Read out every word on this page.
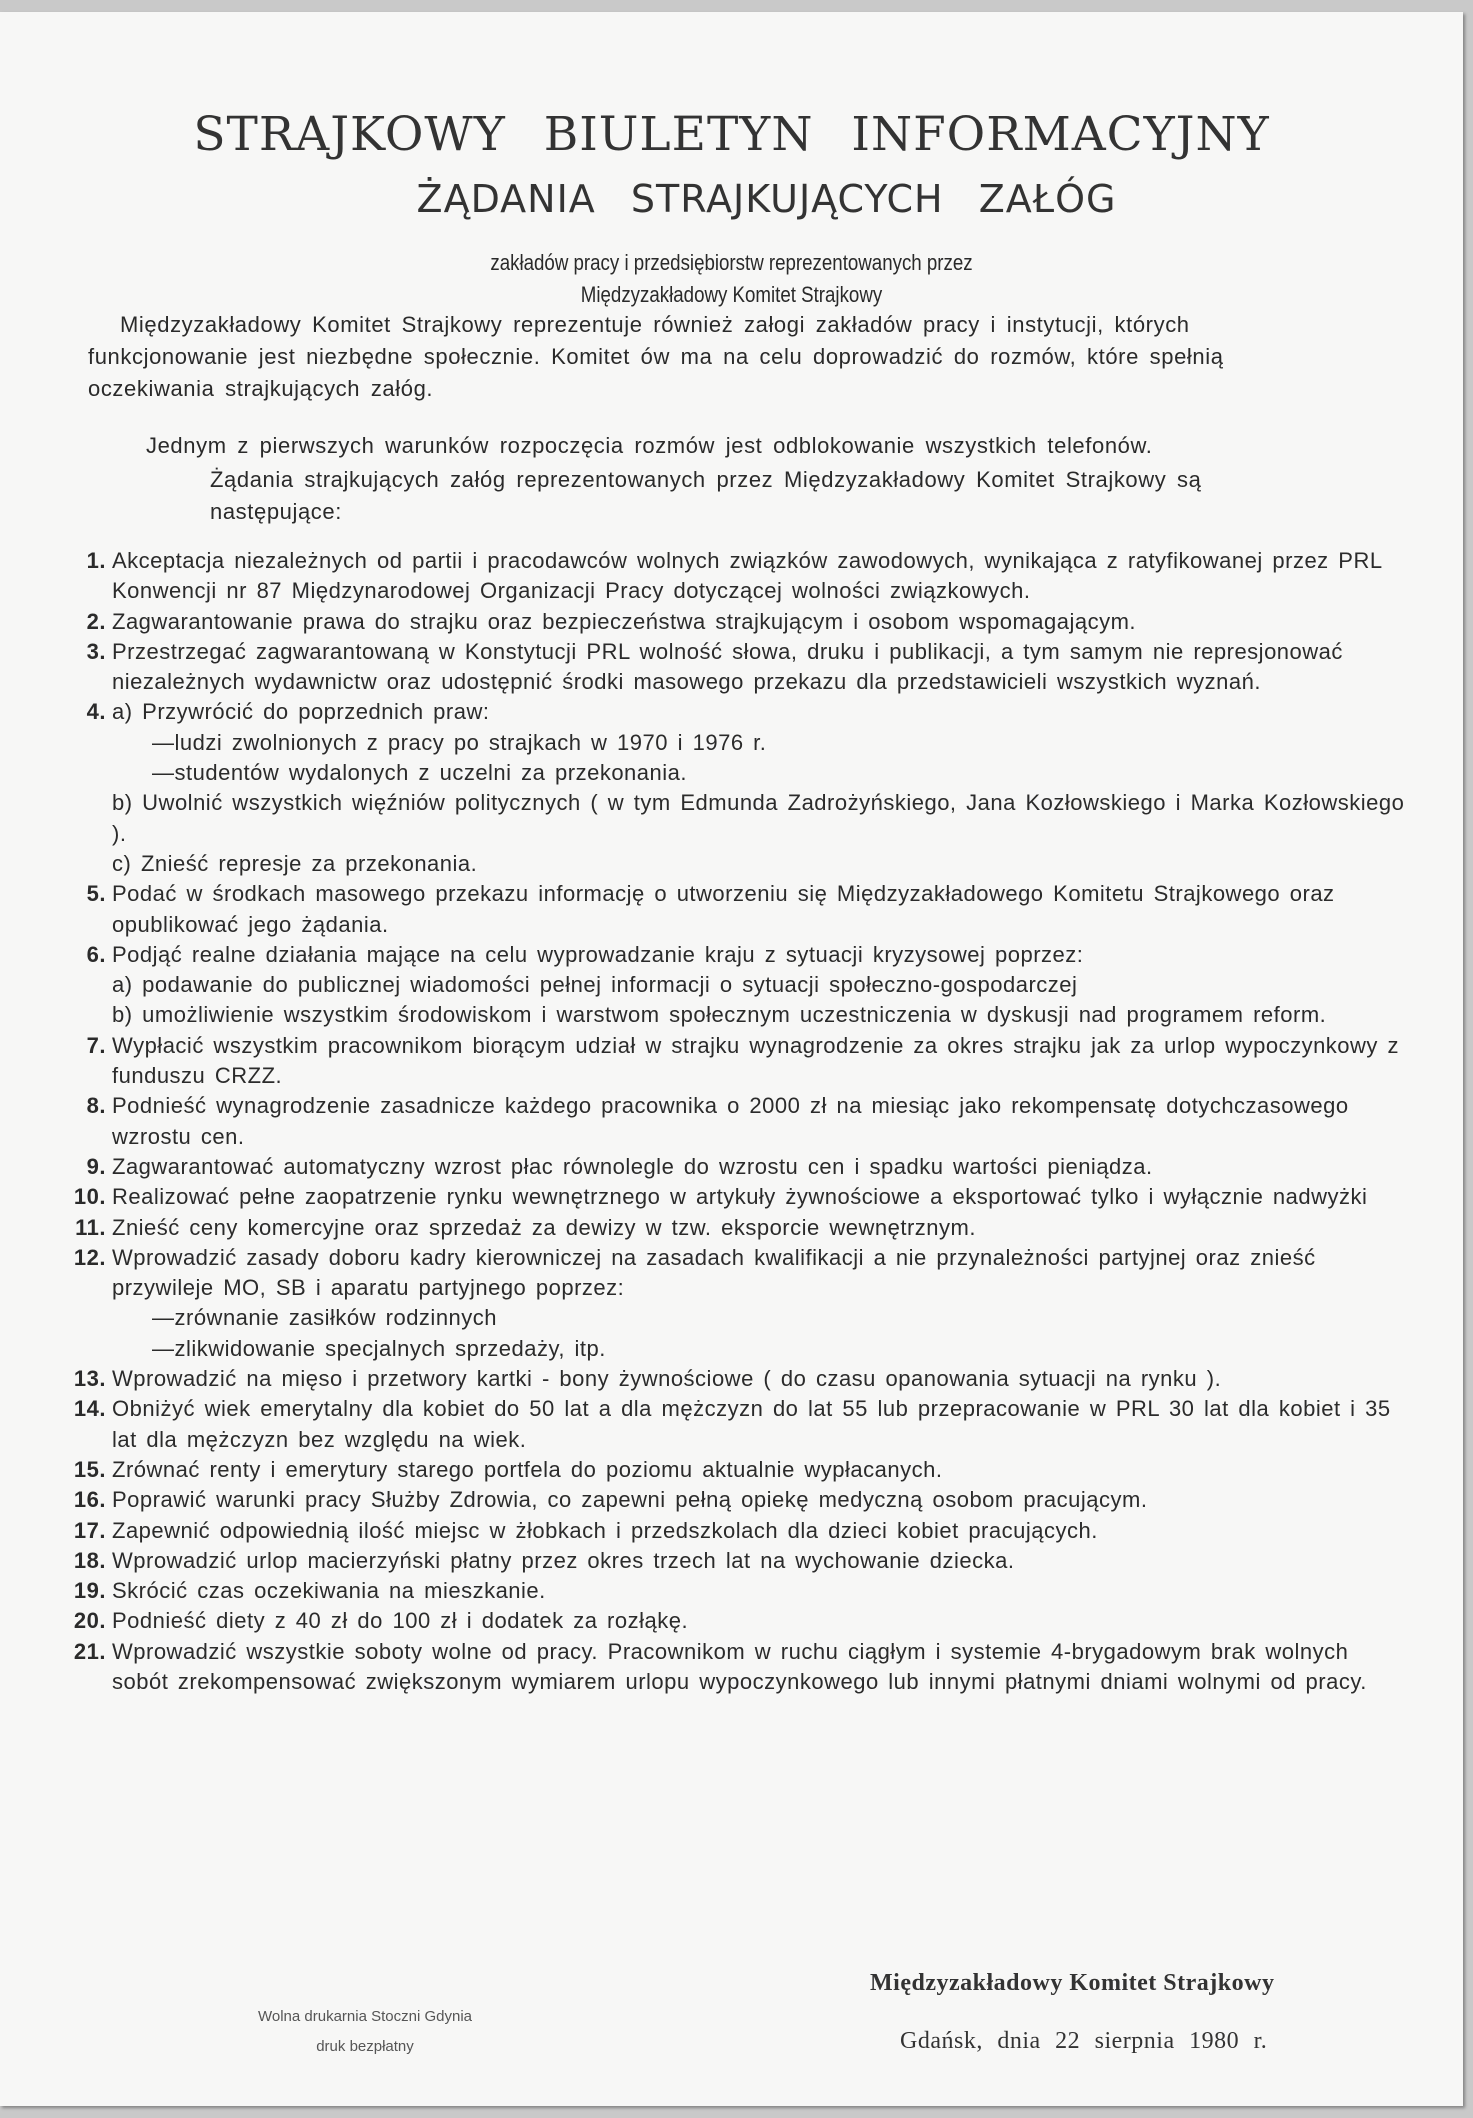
STRAJKOWY BIULETYN INFORMACYJNY
ŻĄDANIA STRAJKUJĄCYCH ZAŁÓG
zakładów pracy i przedsiębiorstw reprezentowanych przez
Międzyzakładowy Komitet Strajkowy
Międzyzakładowy Komitet Strajkowy reprezentuje również załogi zakładów pracy i instytucji, których funkcjonowanie jest niezbędne społecznie. Komitet ów ma na celu doprowadzić do rozmów, które spełnią oczekiwania strajkujących załóg.
Jednym z pierwszych warunków rozpoczęcia rozmów jest odblokowanie wszystkich telefonów.
Żądania strajkujących załóg reprezentowanych przez Międzyzakładowy Komitet Strajkowy są następujące:
1. Akceptacja niezależnych od partii i pracodawców wolnych związków zawodowych, wynikająca z ratyfikowanej przez PRL Konwencji nr 87 Międzynarodowej Organizacji Pracy dotyczącej wolności związkowych.
2. Zagwarantowanie prawa do strajku oraz bezpieczeństwa strajkującym i osobom wspomagającym.
3. Przestrzegać zagwarantowaną w Konstytucji PRL wolność słowa, druku i publikacji, a tym samym nie represjonować niezależnych wydawnictw oraz udostępnić środki masowego przekazu dla przedstawicieli wszystkich wyznań.
4. a) Przywrócić do poprzednich praw:
—ludzi zwolnionych z pracy po strajkach w 1970 i 1976 r.
—studentów wydalonych z uczelni za przekonania.
b) Uwolnić wszystkich więźniów politycznych ( w tym Edmunda Zadrożyńskiego, Jana Kozłowskiego i Marka Kozłowskiego ).
c) Znieść represje za przekonania.
5. Podać w środkach masowego przekazu informację o utworzeniu się Międzyzakładowego Komitetu Strajkowego oraz opublikować jego żądania.
6. Podjąć realne działania mające na celu wyprowadzanie kraju z sytuacji kryzysowej poprzez:
a) podawanie do publicznej wiadomości pełnej informacji o sytuacji społeczno-gospodarczej
b) umożliwienie wszystkim środowiskom i warstwom społecznym uczestniczenia w dyskusji nad programem reform.
7. Wypłacić wszystkim pracownikom biorącym udział w strajku wynagrodzenie za okres strajku jak za urlop wypoczynkowy z funduszu CRZZ.
8. Podnieść wynagrodzenie zasadnicze każdego pracownika o 2000 zł na miesiąc jako rekompensatę dotychczasowego wzrostu cen.
9. Zagwarantować automatyczny wzrost płac równolegle do wzrostu cen i spadku wartości pieniądza.
10. Realizować pełne zaopatrzenie rynku wewnętrznego w artykuły żywnościowe a eksportować tylko i wyłącznie nadwyżki
11. Znieść ceny komercyjne oraz sprzedaż za dewizy w tzw. eksporcie wewnętrznym.
12. Wprowadzić zasady doboru kadry kierowniczej na zasadach kwalifikacji a nie przynależności partyjnej oraz znieść przywileje MO, SB i aparatu partyjnego poprzez:
—zrównanie zasiłków rodzinnych
—zlikwidowanie specjalnych sprzedaży, itp.
13. Wprowadzić na mięso i przetwory kartki - bony żywnościowe ( do czasu opanowania sytuacji na rynku ).
14. Obniżyć wiek emerytalny dla kobiet do 50 lat a dla mężczyzn do lat 55 lub przepracowanie w PRL 30 lat dla kobiet i 35 lat dla mężczyzn bez względu na wiek.
15. Zrównać renty i emerytury starego portfela do poziomu aktualnie wypłacanych.
16. Poprawić warunki pracy Służby Zdrowia, co zapewni pełną opiekę medyczną osobom pracującym.
17. Zapewnić odpowiednią ilość miejsc w żłobkach i przedszkolach dla dzieci kobiet pracujących.
18. Wprowadzić urlop macierzyński płatny przez okres trzech lat na wychowanie dziecka.
19. Skrócić czas oczekiwania na mieszkanie.
20. Podnieść diety z 40 zł do 100 zł i dodatek za rozłąkę.
21. Wprowadzić wszystkie soboty wolne od pracy. Pracownikom w ruchu ciągłym i systemie 4-brygadowym brak wolnych sobót zrekompensować zwiększonym wymiarem urlopu wypoczynkowego lub innymi płatnymi dniami wolnymi od pracy.
Wolna drukarnia Stoczni Gdynia
druk bezpłatny
Międzyzakładowy Komitet Strajkowy
Gdańsk, dnia 22 sierpnia 1980 r.
